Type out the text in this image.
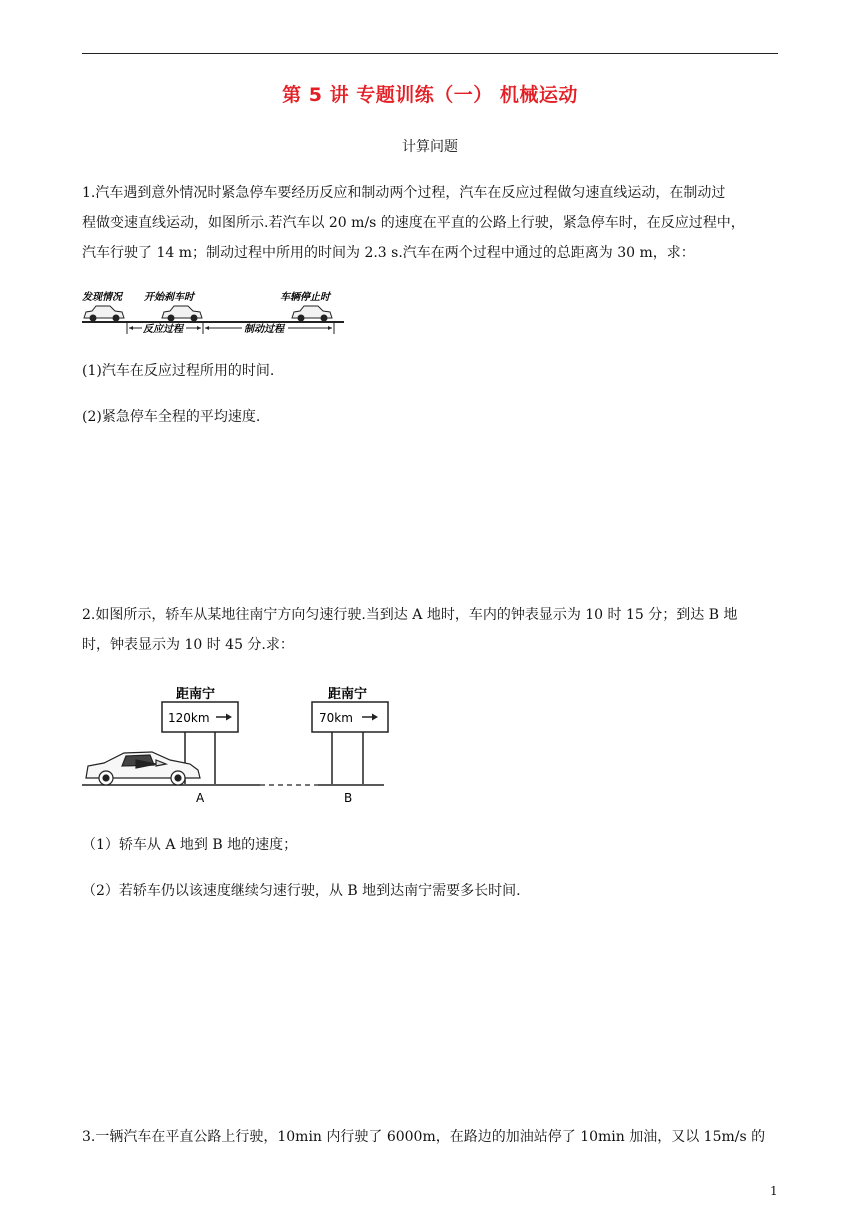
第 5 讲 专题训练（一） 机械运动
计算问题
1.汽车遇到意外情况时紧急停车要经历反应和制动两个过程，汽车在反应过程做匀速直线运动，在制动过
程做变速直线运动，如图所示.若汽车以 20 m/s 的速度在平直的公路上行驶，紧急停车时，在反应过程中，
汽车行驶了 14 m；制动过程中所用的时间为 2.3 s.汽车在两个过程中通过的总距离为 30 m，求：
发现情况 开始刹车时	车辆停止时
反应过程	制动过程
(1)汽车在反应过程所用的时间.
(2)紧急停车全程的平均速度.
2.如图所示，轿车从某地往南宁方向匀速行驶.当到达 A 地时，车内的钟表显示为 10 时 15 分；到达 B 地
时，钟表显示为 10 时 45 分.求：
距南宁
120km
距南宁
70km
A	B
（1）轿车从 A 地到 B 地的速度；
（2）若轿车仍以该速度继续匀速行驶，从 B 地到达南宁需要多长时间.
3.一辆汽车在平直公路上行驶，10min 内行驶了 6000m，在路边的加油站停了 10min 加油，又以 15m/s 的
1
